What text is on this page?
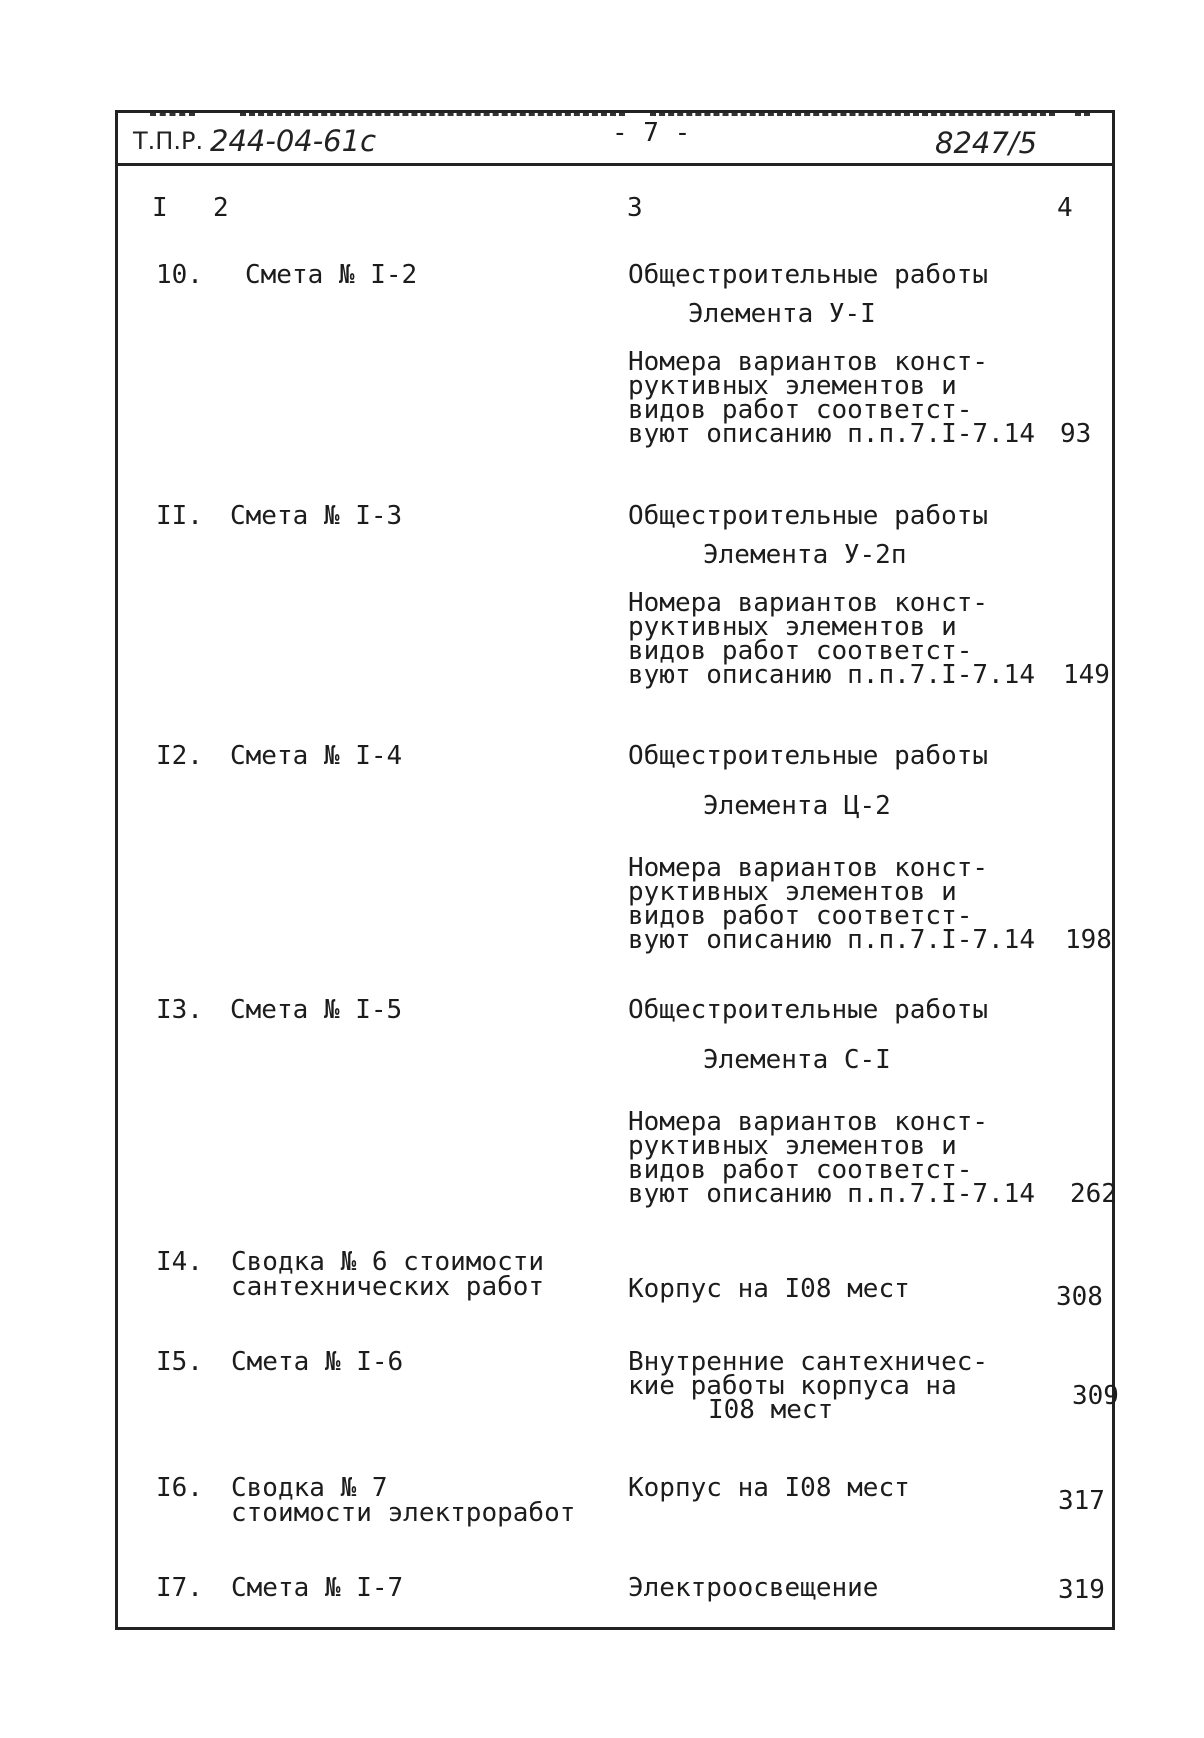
Т.П.Р. 244-04-61с	- 7 -	8247/5
I 2	3	4
10. Смета № I-2	Общестроительные работы
Элемента У-I
Номера вариантов конст-
руктивных элементов и
видов работ соответст-
вуют описанию п.п.7.I-7.14 93
II. Смета № I-3	Общестроительные работы
Элемента У-2п
Номера вариантов конст-
руктивных элементов и
видов работ соответст-
вуют описанию п.п.7.I-7.14 149
I2. Смета № I-4	Общестроительные работы
Элемента Ц-2
Номера вариантов конст-
руктивных элементов и
видов работ соответст-
вуют описанию п.п.7.I-7.14 198
I3. Смета № I-5	Общестроительные работы
Элемента С-I
Номера вариантов конст-
руктивных элементов и
видов работ соответст-
вуют описанию п.п.7.I-7.14 262
I4. Сводка № 6 стоимости
сантехнических работ	Корпус на I08 мест	308
I5. Смета № I-6	Внутренние сантехничес-
кие работы корпуса на
I08 мест	309
I6. Сводка № 7
стоимости электроработ
Корпус на I08 мест	317
I7. Смета № I-7	Электроосвещение	319
